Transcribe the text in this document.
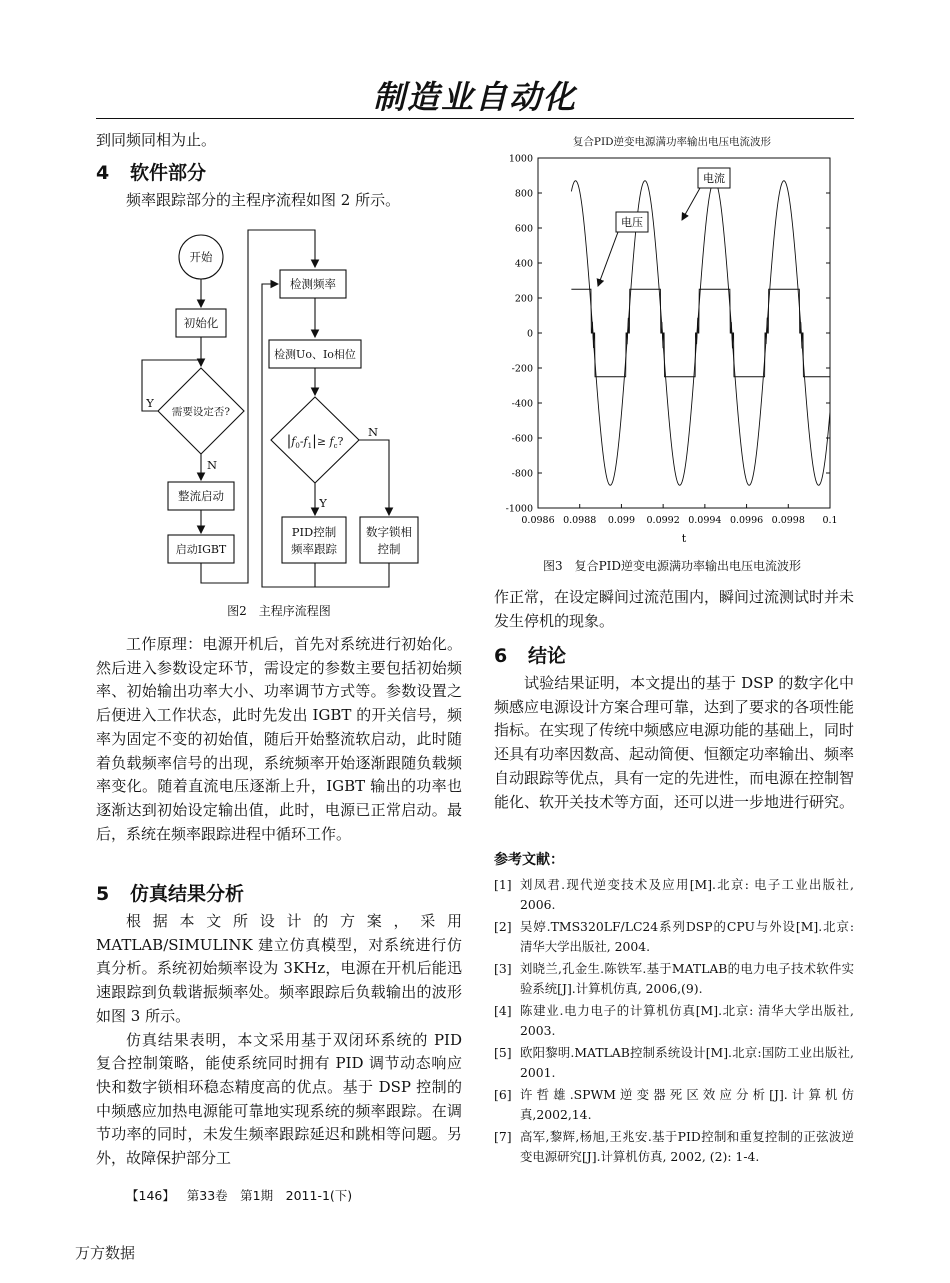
制造业自动化
到同频同相为止。
4 软件部分
频率跟踪部分的主程序流程如图 2 所示。
开始
初始化
需要设定否?
Y
N
整流启动
启动IGBT
检测频率
检测Uo、Io相位
$|f_0-f_1|\ge f_c$?
N
Y
PID控制
频率跟踪
数字锁相
控制
图2　主程序流程图
工作原理：电源开机后，首先对系统进行初始化。然后进入参数设定环节，需设定的参数主要包括初始频率、初始输出功率大小、功率调节方式等。参数设置之后便进入工作状态，此时先发出 IGBT 的开关信号，频率为固定不变的初始值，随后开始整流软启动，此时随着负载频率信号的出现，系统频率开始逐渐跟随负载频率变化。随着直流电压逐渐上升，IGBT 输出的功率也逐渐达到初始设定输出值，此时，电源已正常启动。最后，系统在频率跟踪进程中循环工作。
5 仿真结果分析

根据本文所设计的方案，采用 MATLAB/SIMULINK 建立仿真模型，对系统进行仿真分析。系统初始频率设为 3KHz，电源在开机后能迅速跟踪到负载谐振频率处。频率跟踪后负载输出的波形如图 3 所示。

仿真结果表明，本文采用基于双闭环系统的 PID 复合控制策略，能使系统同时拥有 PID 调节动态响应快和数字锁相环稳态精度高的优点。基于 DSP 控制的中频感应加热电源能可靠地实现系统的频率跟踪。在调节功率的同时，未发生频率跟踪延迟和跳相等问题。另外，故障保护部分工

复合PID逆变电源满功率输出电压电流波形
1000
800
600
400
200
0
-200
-400
-600
-800
-1000
0.0986 0.0988 0.099 0.0992 0.0994 0.0996 0.0998 0.1
电流
电压
t
图3　复合PID逆变电源满功率输出电压电流波形
作正常，在设定瞬间过流范围内，瞬间过流测试时并未发生停机的现象。
6 结论
试验结果证明，本文提出的基于 DSP 的数字化中频感应电源设计方案合理可靠，达到了要求的各项性能指标。在实现了传统中频感应电源功能的基础上，同时还具有功率因数高、起动简便、恒额定功率输出、频率自动跟踪等优点，具有一定的先进性，而电源在控制智能化、软开关技术等方面，还可以进一步地进行研究。
参考文献：
[1] 刘凤君.现代逆变技术及应用[M].北京: 电子工业出版社, 2006.
[2] 吴婷.TMS320LF/LC24系列DSP的CPU与外设[M].北京: 清华大学出版社, 2004.
[3] 刘晓兰,孔金生.陈铁军.基于MATLAB的电力电子技术软件实验系统[J].计算机仿真, 2006,(9).
[4] 陈建业.电力电子的计算机仿真[M].北京: 清华大学出版社, 2003.
[5] 欧阳黎明.MATLAB控制系统设计[M].北京:国防工业出版社, 2001.
[6] 许哲雄.SPWM逆变器死区效应分析[J].计算机仿真,2002,14.
[7] 高军,黎辉,杨旭,王兆安.基于PID控制和重复控制的正弦波逆变电源研究[J].计算机仿真, 2002, (2): 1-4.
【146】 第33卷　第1期　2011-1(下)
万方数据
